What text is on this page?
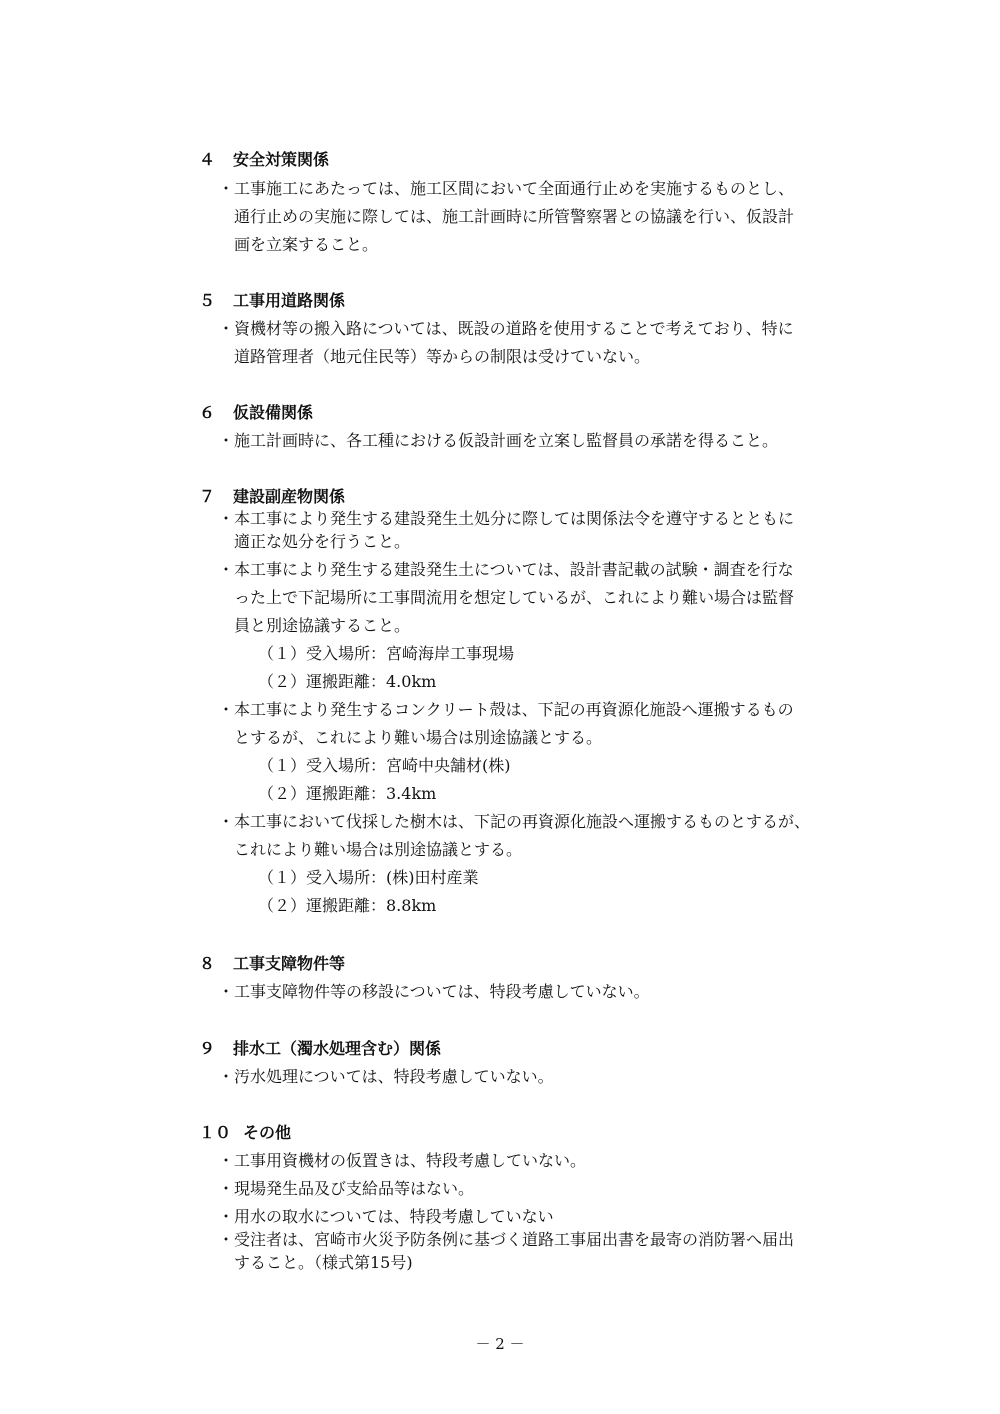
４ 安全対策関係

・工事施工にあたっては、施工区間において全面通行止めを実施するものとし、

通行止めの実施に際しては、施工計画時に所管警察署との協議を行い、仮設計

画を立案すること。

５ 工事用道路関係

・資機材等の搬入路については、既設の道路を使用することで考えており、特に

道路管理者（地元住民等）等からの制限は受けていない。

６ 仮設備関係

・施工計画時に、各工種における仮設計画を立案し監督員の承諾を得ること。

７ 建設副産物関係

・本工事により発生する建設発生土処分に際しては関係法令を遵守するとともに

適正な処分を行うこと。

・本工事により発生する建設発生土については、設計書記載の試験・調査を行な

った上で下記場所に工事間流用を想定しているが、これにより難い場合は監督

員と別途協議すること。

（１）受入場所：宮崎海岸工事現場

（２）運搬距離：4.0km

・本工事により発生するコンクリート殻は、下記の再資源化施設へ運搬するもの

とするが、これにより難い場合は別途協議とする。

（１）受入場所：宮崎中央舗材(株)

（２）運搬距離：3.4km

・本工事において伐採した樹木は、下記の再資源化施設へ運搬するものとするが、

これにより難い場合は別途協議とする。

（１）受入場所：(株)田村産業

（２）運搬距離：8.8km

８ 工事支障物件等

・工事支障物件等の移設については、特段考慮していない。

９ 排水工（濁水処理含む）関係

・汚水処理については、特段考慮していない。

１０ その他

・工事用資機材の仮置きは、特段考慮していない。

・現場発生品及び支給品等はない。

・用水の取水については、特段考慮していない

・受注者は、宮崎市火災予防条例に基づく道路工事届出書を最寄の消防署へ届出

すること。（様式第15号)

－ 2 －
